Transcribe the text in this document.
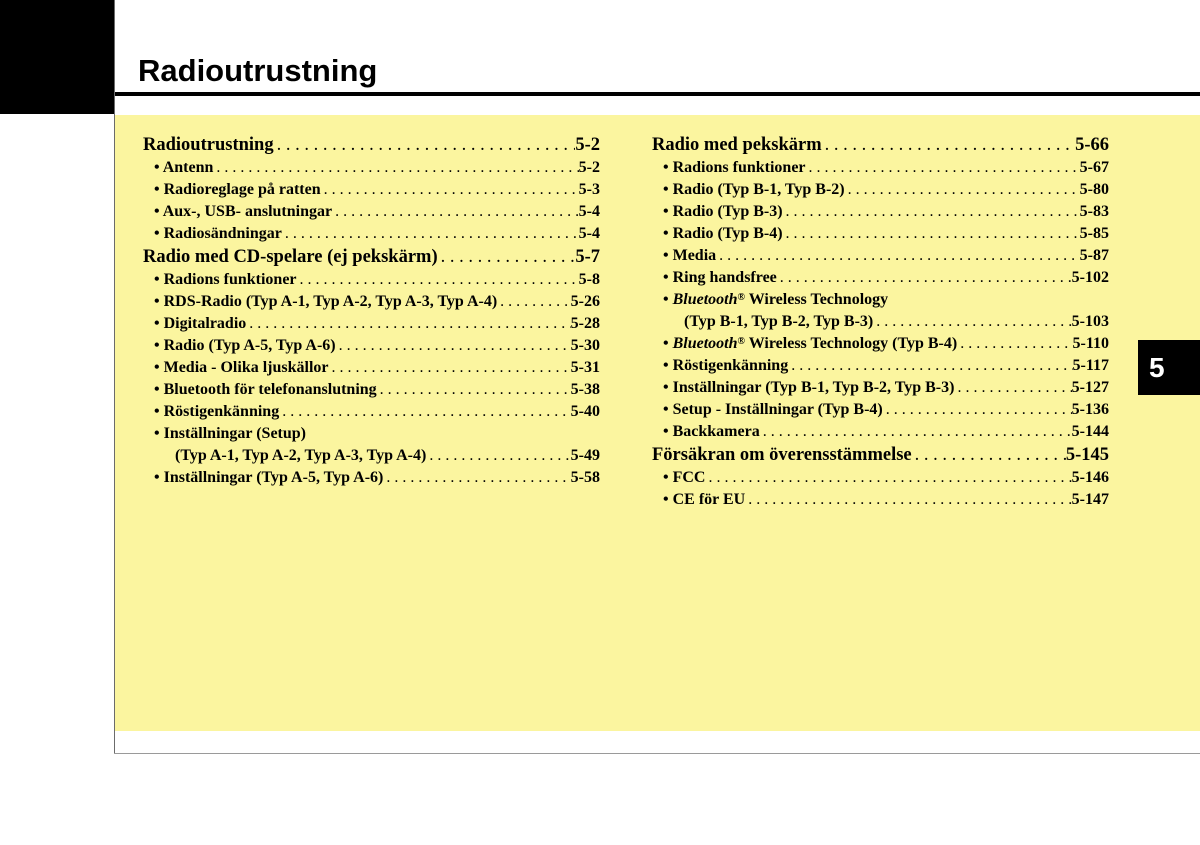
Radioutrustning
5
Radioutrustning . . .	5-2
• Antenn . . .	5-2
• Radioreglage på ratten . . .	5-3
• Aux-, USB- anslutningar . . .	5-4
• Radiosändningar . . .	5-4
Radio med CD-spelare (ej pekskärm) . . .	5-7
• Radions funktioner . . .	5-8
• RDS-Radio (Typ A-1, Typ A-2, Typ A-3, Typ A-4) . . .	5-26
• Digitalradio . . .	5-28
• Radio (Typ A-5, Typ A-6) . . .	5-30
• Media - Olika ljuskällor . . .	5-31
• Bluetooth för telefonanslutning . . .	5-38
• Röstigenkänning . . .	5-40
• Inställningar (Setup)
(Typ A-1, Typ A-2, Typ A-3, Typ A-4) . . .	5-49
• Inställningar (Typ A-5, Typ A-6) . . .	5-58
Radio med pekskärm . . .	5-66
• Radions funktioner . . .	5-67
• Radio (Typ B-1, Typ B-2) . . .	5-80
• Radio (Typ B-3) . . .	5-83
• Radio (Typ B-4) . . .	5-85
• Media . . .	5-87
• Ring handsfree . . .	5-102
• Bluetooth® Wireless Technology
(Typ B-1, Typ B-2, Typ B-3) . . .	5-103
• Bluetooth® Wireless Technology (Typ B-4) . . .	5-110
• Röstigenkänning . . .	5-117
• Inställningar (Typ B-1, Typ B-2, Typ B-3) . . .	5-127
• Setup - Inställningar (Typ B-4) . . .	5-136
• Backkamera . . .	5-144
Försäkran om överensstämmelse . . .	5-145
• FCC . . .	5-146
• CE för EU . . .	5-147
